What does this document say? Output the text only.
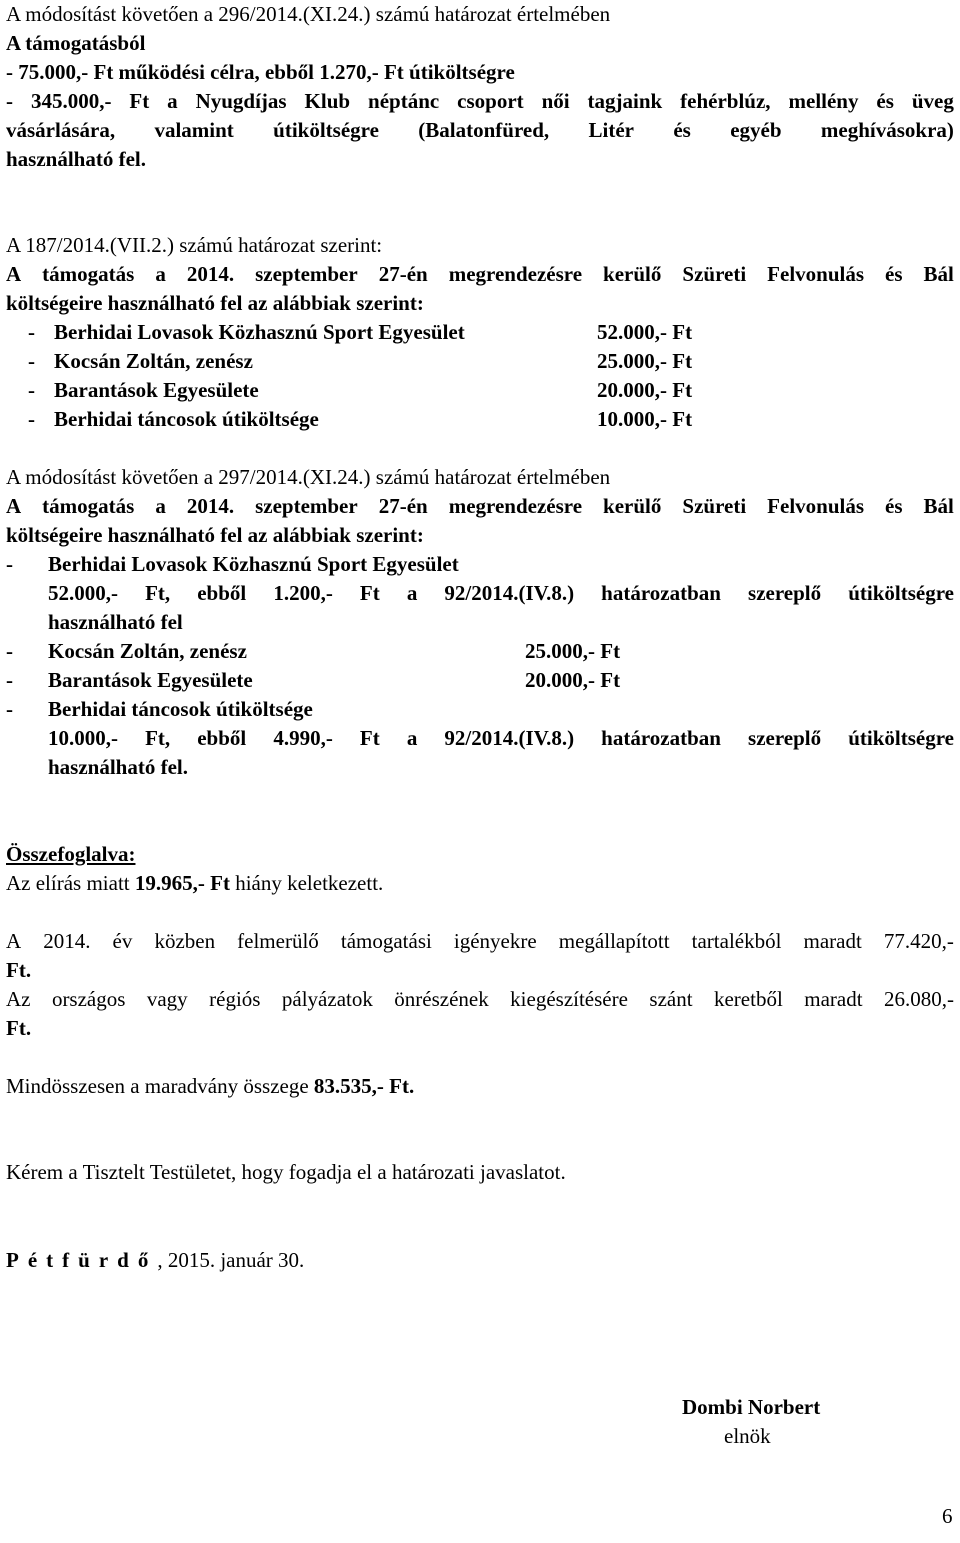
A módosítást követően a 296/2014.(XI.24.) számú határozat értelmében
A támogatásból
- 75.000,- Ft működési célra, ebből 1.270,- Ft útiköltségre
- 345.000,- Ft a Nyugdíjas Klub néptánc csoport női tagjaink fehérblúz, mellény és üveg
vásárlására, valamint útiköltségre (Balatonfüred, Litér és egyéb meghívásokra)
használható fel.
A 187/2014.(VII.2.) számú határozat szerint:
A támogatás a 2014. szeptember 27-én megrendezésre kerülő Szüreti Felvonulás és Bál
költségeire használható fel az alábbiak szerint:
- Berhidai Lovasok Közhasznú Sport Egyesület	52.000,- Ft
- Kocsán Zoltán, zenész	25.000,- Ft
- Barantások Egyesülete	20.000,- Ft
- Berhidai táncosok útiköltsége	10.000,- Ft
A módosítást követően a 297/2014.(XI.24.) számú határozat értelmében
A támogatás a 2014. szeptember 27-én megrendezésre kerülő Szüreti Felvonulás és Bál
költségeire használható fel az alábbiak szerint:
- Berhidai Lovasok Közhasznú Sport Egyesület
52.000,- Ft, ebből 1.200,- Ft a 92/2014.(IV.8.) határozatban szereplő útiköltségre
használható fel
- Kocsán Zoltán, zenész	25.000,- Ft
- Barantások Egyesülete	20.000,- Ft
- Berhidai táncosok útiköltsége
10.000,- Ft, ebből 4.990,- Ft a 92/2014.(IV.8.) határozatban szereplő útiköltségre
használható fel.
Összefoglalva:
Az elírás miatt 19.965,- Ft hiány keletkezett.
A 2014. év közben felmerülő támogatási igényekre megállapított tartalékból maradt 77.420,-
Ft.
Az országos vagy régiós pályázatok önrészének kiegészítésére szánt keretből maradt 26.080,-
Ft.
Mindösszesen a maradvány összege 83.535,- Ft.
Kérem a Tisztelt Testületet, hogy fogadja el a határozati javaslatot.
Pétfürdő, 2015. január 30.
Dombi Norbert
elnök
6
